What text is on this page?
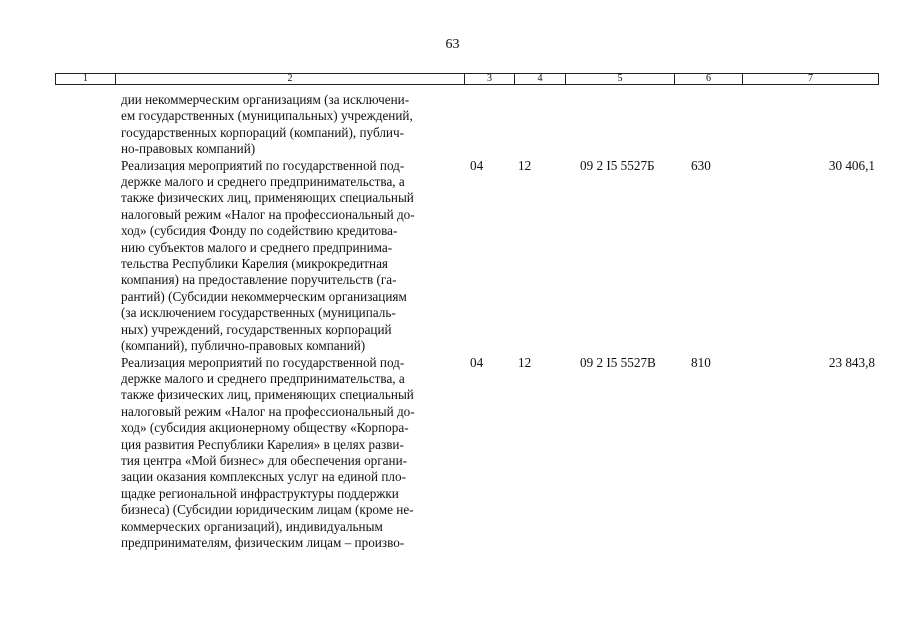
63
1	2	3	4	5	6	7
дии некоммерческим организациям (за исключени-
ем государственных (муниципальных) учреждений,
государственных корпораций (компаний), публич-
но-правовых компаний)
Реализация мероприятий по государственной под-
держке малого и среднего предпринимательства, а
также физических лиц, применяющих специальный
налоговый режим «Налог на профессиональный до-
ход» (субсидия Фонду по содействию кредитова-
нию субъектов малого и среднего предпринима-
тельства Республики Карелия (микрокредитная
компания) на предоставление поручительств (га-
рантий) (Субсидии некоммерческим организациям
(за исключением государственных (муниципаль-
ных) учреждений, государственных корпораций
(компаний), публично-правовых компаний)
04	12	09 2 I5 5527Б	630	30 406,1
Реализация мероприятий по государственной под-
держке малого и среднего предпринимательства, а
также физических лиц, применяющих специальный
налоговый режим «Налог на профессиональный до-
ход» (субсидия акционерному обществу «Корпора-
ция развития Республики Карелия» в целях разви-
тия центра «Мой бизнес» для обеспечения органи-
зации оказания комплексных услуг на единой пло-
щадке региональной инфраструктуры поддержки
бизнеса) (Субсидии юридическим лицам (кроме не-
коммерческих организаций), индивидуальным
предпринимателям, физическим лицам – произво-
04	12	09 2 I5 5527В	810	23 843,8
